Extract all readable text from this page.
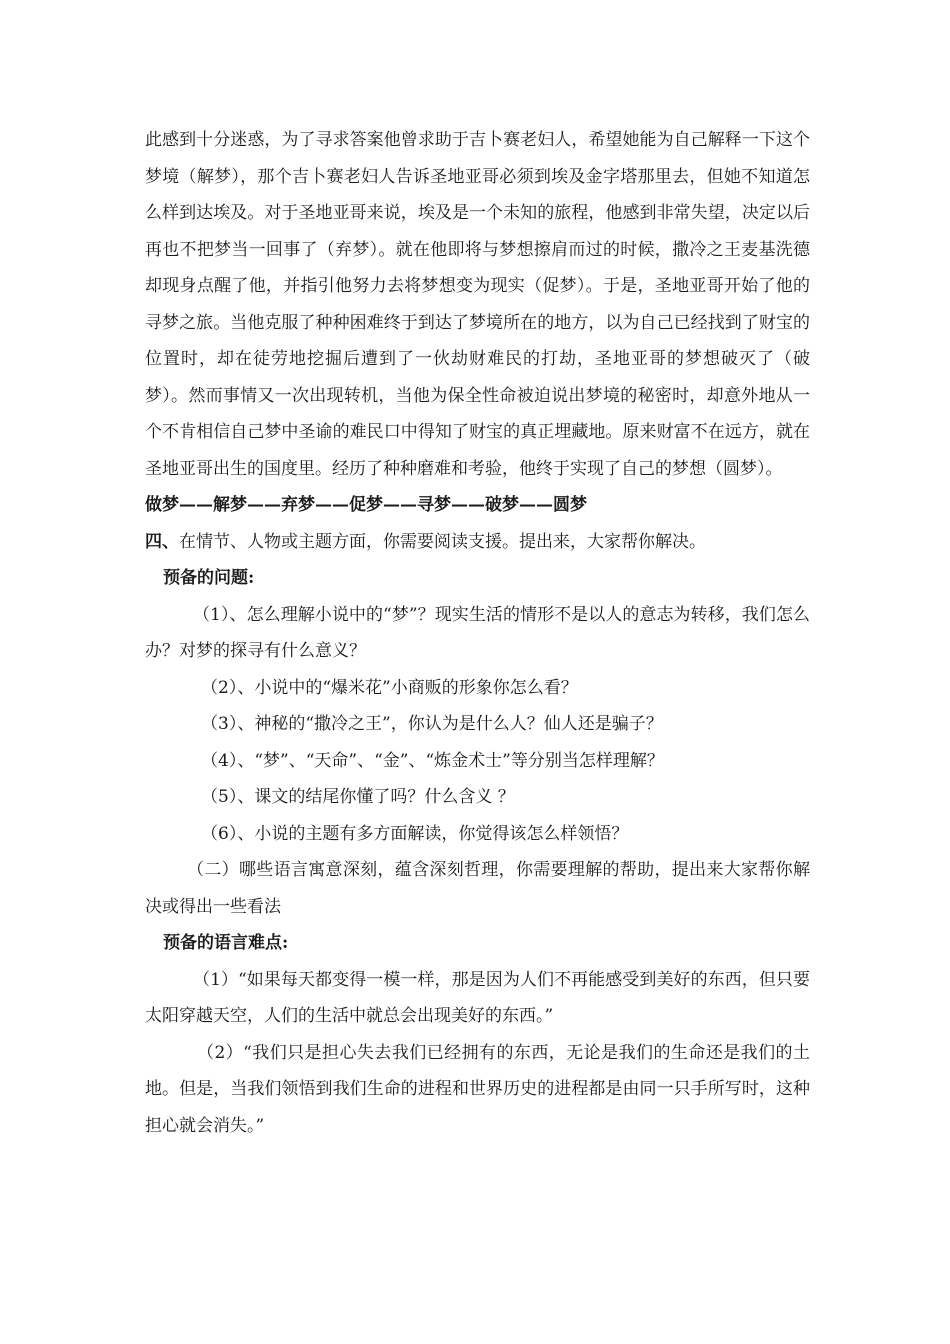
此感到十分迷惑，为了寻求答案他曾求助于吉卜赛老妇人，希望她能为自己解释一下这个梦境（解梦），那个吉卜赛老妇人告诉圣地亚哥必须到埃及金字塔那里去，但她不知道怎么样到达埃及。对于圣地亚哥来说，埃及是一个未知的旅程，他感到非常失望，决定以后再也不把梦当一回事了（弃梦）。就在他即将与梦想擦肩而过的时候，撒冷之王麦基洗德却现身点醒了他，并指引他努力去将梦想变为现实（促梦）。于是，圣地亚哥开始了他的寻梦之旅。当他克服了种种困难终于到达了梦境所在的地方，以为自己已经找到了财宝的位置时，却在徒劳地挖掘后遭到了一伙劫财难民的打劫，圣地亚哥的梦想破灭了（破梦）。然而事情又一次出现转机，当他为保全性命被迫说出梦境的秘密时，却意外地从一个不肯相信自己梦中圣谕的难民口中得知了财宝的真正埋藏地。原来财富不在远方，就在圣地亚哥出生的国度里。经历了种种磨难和考验，他终于实现了自己的梦想（圆梦）。

做梦——解梦——弃梦——促梦——寻梦——破梦——圆梦

四、在情节、人物或主题方面，你需要阅读支援。提出来，大家帮你解决。

预备的问题:

（1）、怎么理解小说中的“梦”？现实生活的情形不是以人的意志为转移，我们怎么办？对梦的探寻有什么意义？

（2）、小说中的“爆米花”小商贩的形象你怎么看？

（3）、神秘的“撒冷之王”，你认为是什么人？仙人还是骗子？

（4）、“梦”、“天命”、“金”、“炼金术士”等分别当怎样理解？

（5）、课文的结尾你懂了吗？什么含义 ？

（6）、小说的主题有多方面解读，你觉得该怎么样领悟？

（二）哪些语言寓意深刻，蕴含深刻哲理，你需要理解的帮助，提出来大家帮你解决或得出一些看法

预备的语言难点:

（1）“如果每天都变得一模一样，那是因为人们不再能感受到美好的东西，但只要太阳穿越天空，人们的生活中就总会出现美好的东西。”

（2）“我们只是担心失去我们已经拥有的东西，无论是我们的生命还是我们的土地。但是，当我们领悟到我们生命的进程和世界历史的进程都是由同一只手所写时，这种担心就会消失。”
